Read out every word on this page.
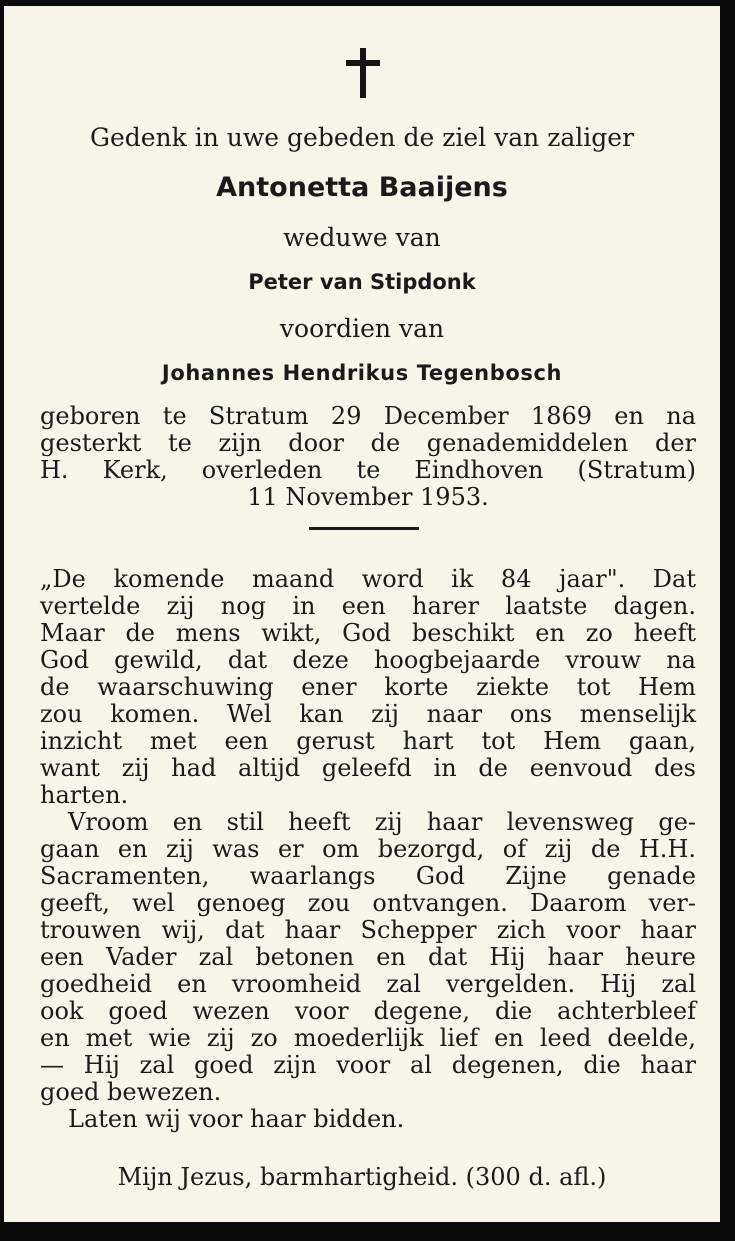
Gedenk in uwe gebeden de ziel van zaliger
Antonetta Baaijens
weduwe van
Peter van Stipdonk
voordien van
Johannes Hendrikus Tegenbosch
geboren te Stratum 29 December 1869 en na
gesterkt te zijn door de genademiddelen der
H. Kerk, overleden te Eindhoven (Stratum)
11 November 1953.
„De komende maand word ik 84 jaar". Dat
vertelde zij nog in een harer laatste dagen.
Maar de mens wikt, God beschikt en zo heeft
God gewild, dat deze hoogbejaarde vrouw na
de waarschuwing ener korte ziekte tot Hem
zou komen. Wel kan zij naar ons menselijk
inzicht met een gerust hart tot Hem gaan,
want zij had altijd geleefd in de eenvoud des
harten.
Vroom en stil heeft zij haar levensweg ge-
gaan en zij was er om bezorgd, of zij de H.H.
Sacramenten, waarlangs God Zijne genade
geeft, wel genoeg zou ontvangen. Daarom ver-
trouwen wij, dat haar Schepper zich voor haar
een Vader zal betonen en dat Hij haar heure
goedheid en vroomheid zal vergelden. Hij zal
ook goed wezen voor degene, die achterbleef
en met wie zij zo moederlijk lief en leed deelde,
— Hij zal goed zijn voor al degenen, die haar
goed bewezen.
Laten wij voor haar bidden.
Mijn Jezus, barmhartigheid. (300 d. afl.)
